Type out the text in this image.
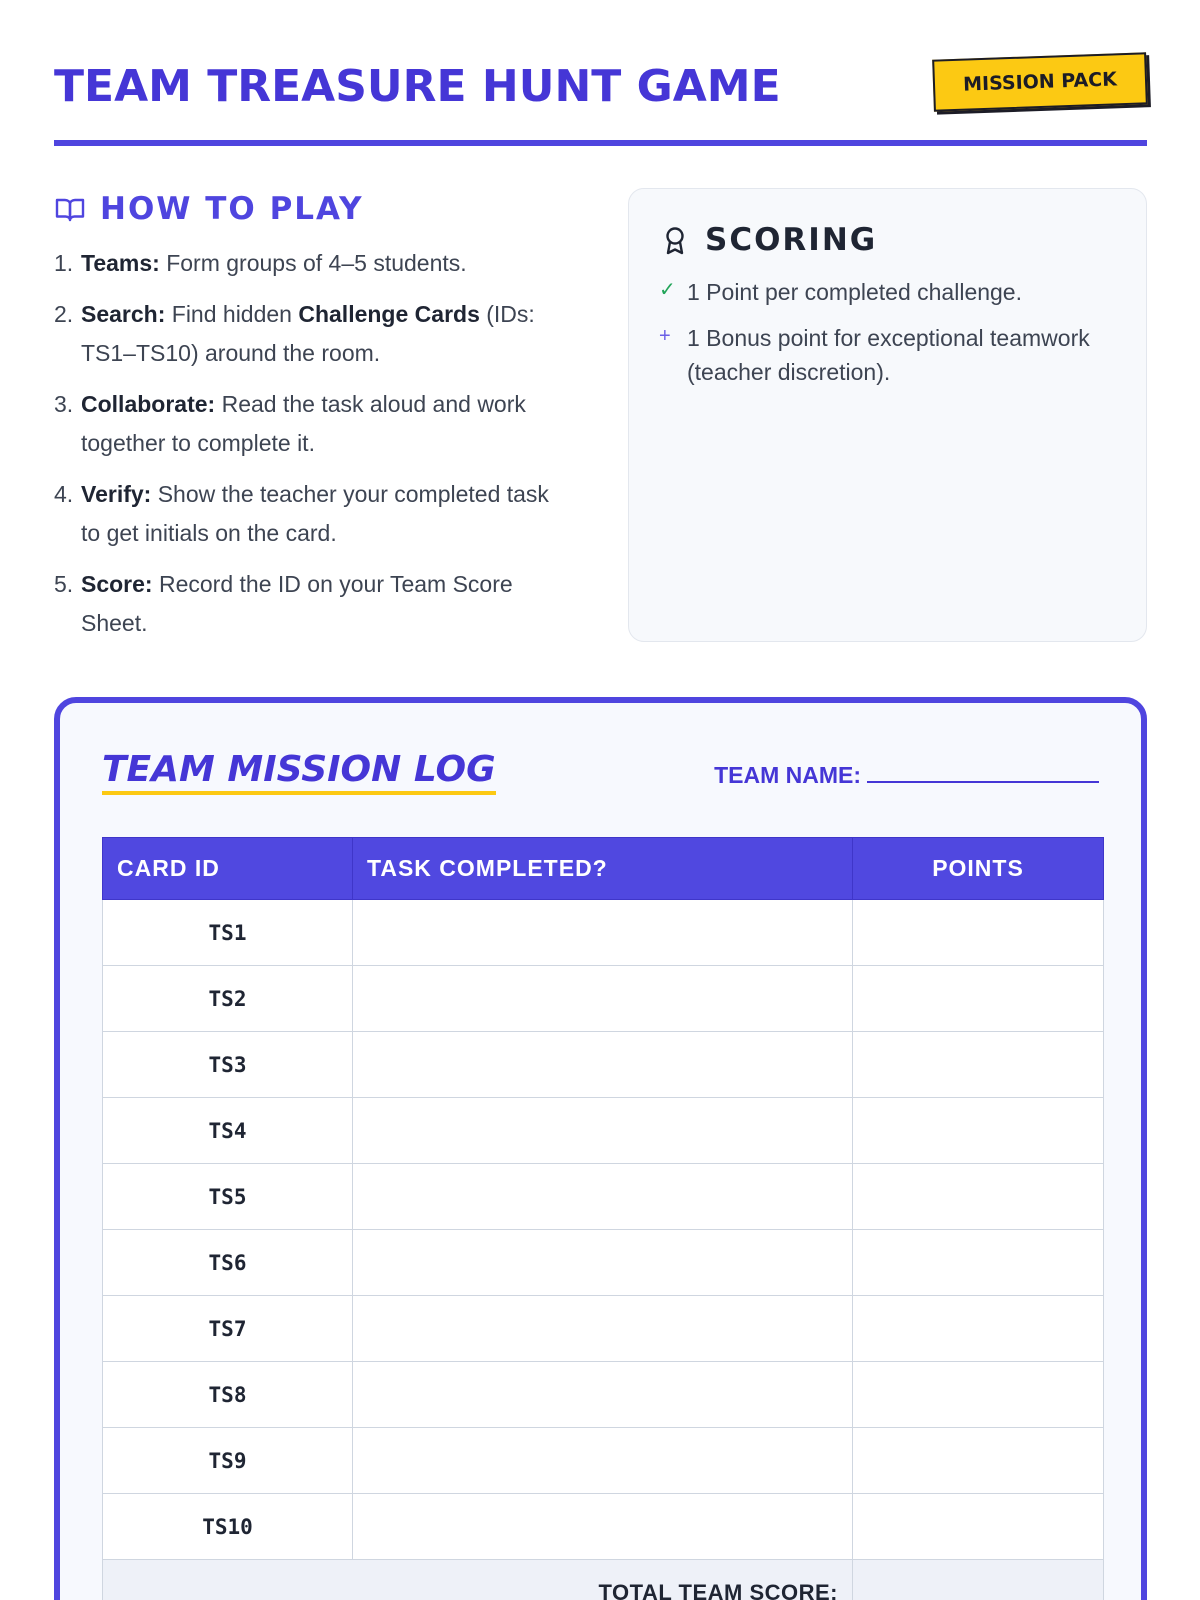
TEAM TREASURE HUNT GAME	MISSION PACK
HOW TO PLAY
1. Teams: Form groups of 4–5 students.
2. Search: Find hidden Challenge Cards (IDs: TS1–TS10) around the room.
3. Collaborate: Read the task aloud and work together to complete it.
4. Verify: Show the teacher your completed task to get initials on the card.
5. Score: Record the ID on your Team Score Sheet.
SCORING
✓ 1 Point per completed challenge.
+ 1 Bonus point for exceptional teamwork (teacher discretion).
TEAM MISSION LOG	TEAM NAME:
CARD ID	TASK COMPLETED?	POINTS
TS1		
TS2		
TS3		
TS4		
TS5		
TS6		
TS7		
TS8		
TS9		
TS10		
TOTAL TEAM SCORE:		
